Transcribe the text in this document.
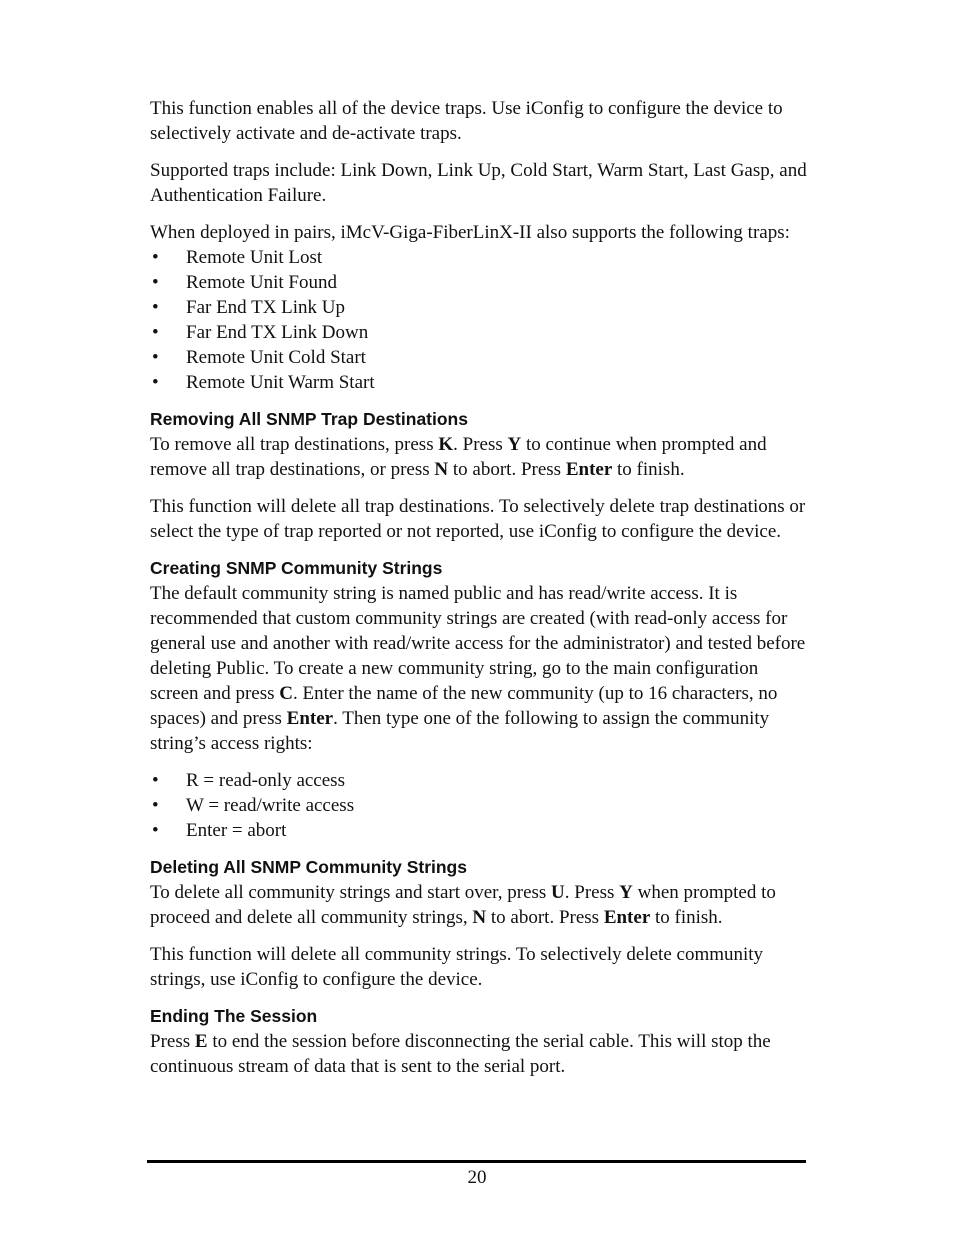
This function enables all of the device traps. Use iConfig to configure the device to selectively activate and de-activate traps.

Supported traps include: Link Down, Link Up, Cold Start, Warm Start, Last Gasp, and Authentication Failure.

When deployed in pairs, iMcV-Giga-FiberLinX-II also supports the following traps:

• Remote Unit Lost
• Remote Unit Found
• Far End TX Link Up
• Far End TX Link Down
• Remote Unit Cold Start
• Remote Unit Warm Start
Removing All SNMP Trap Destinations

To remove all trap destinations, press K. Press Y to continue when prompted and remove all trap destinations, or press N to abort. Press Enter to finish.

This function will delete all trap destinations. To selectively delete trap destinations or select the type of trap reported or not reported, use iConfig to configure the device.

Creating SNMP Community Strings

The default community string is named public and has read/write access. It is recommended that custom community strings are created (with read-only access for general use and another with read/write access for the administrator) and tested before deleting Public. To create a new community string, go to the main configuration screen and press C. Enter the name of the new community (up to 16 characters, no spaces) and press Enter. Then type one of the following to assign the community string’s access rights:

• R = read-only access
• W = read/write access
• Enter = abort
Deleting All SNMP Community Strings

To delete all community strings and start over, press U. Press Y when prompted to proceed and delete all community strings, N to abort. Press Enter to finish.

This function will delete all community strings. To selectively delete community strings, use iConfig to configure the device.

Ending The Session

Press E to end the session before disconnecting the serial cable. This will stop the continuous stream of data that is sent to the serial port.

20
